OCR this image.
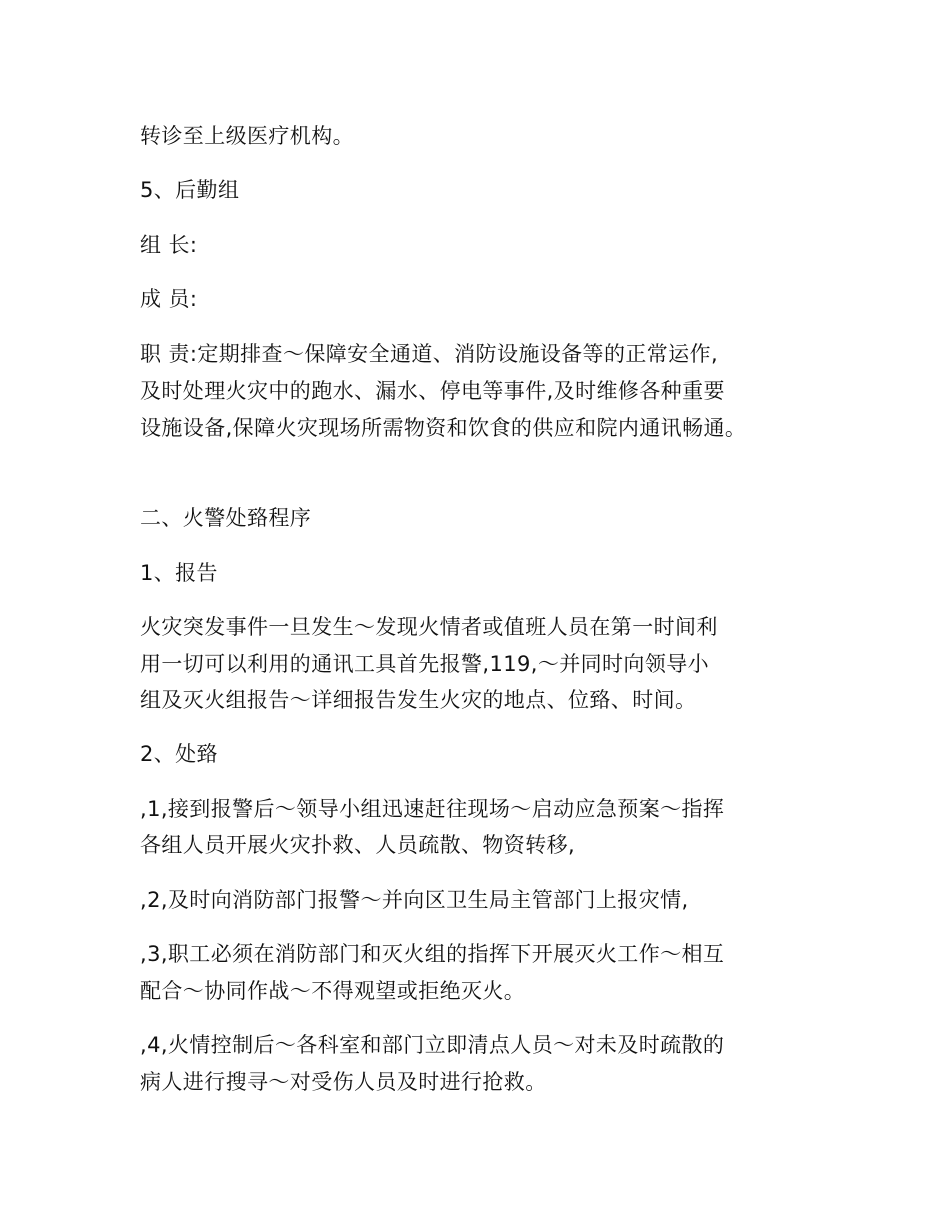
转诊至上级医疗机构。
5、后勤组
组 长:
成 员:
职 责:定期排查～保障安全通道、消防设施设备等的正常运作,
及时处理火灾中的跑水、漏水、停电等事件,及时维修各种重要
设施设备,保障火灾现场所需物资和饮食的供应和院内通讯畅通。
二、火警处臵程序
1、报告
火灾突发事件一旦发生～发现火情者或值班人员在第一时间利
用一切可以利用的通讯工具首先报警,119,～并同时向领导小
组及灭火组报告～详细报告发生火灾的地点、位臵、时间。
2、处臵
,1,接到报警后～领导小组迅速赶往现场～启动应急预案～指挥
各组人员开展火灾扑救、人员疏散、物资转移,
,2,及时向消防部门报警～并向区卫生局主管部门上报灾情,
,3,职工必须在消防部门和灭火组的指挥下开展灭火工作～相互
配合～协同作战～不得观望或拒绝灭火。
,4,火情控制后～各科室和部门立即清点人员～对未及时疏散的
病人进行搜寻～对受伤人员及时进行抢救。
